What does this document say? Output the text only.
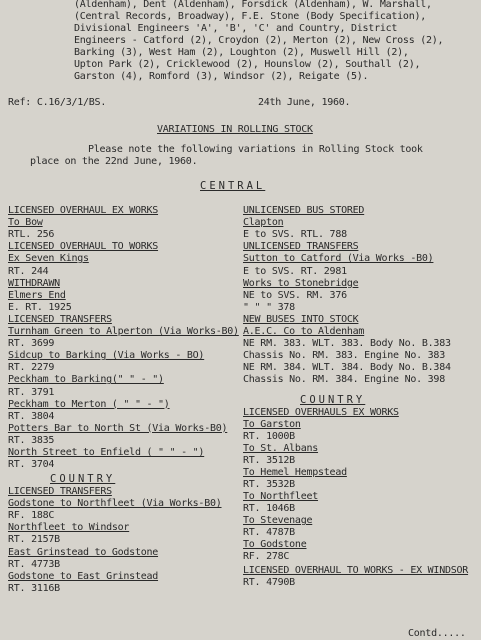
(Aldenham), Dent (Aldenham), Forsdick (Aldenham), W. Marshall,
(Central Records, Broadway), F.E. Stone (Body Specification),
Divisional Engineers 'A', 'B', 'C' and Country, District
Engineers - Catford (2), Croydon (2), Merton (2), New Cross (2),
Barking (3), West Ham (2), Loughton (2), Muswell Hill (2),
Upton Park (2), Cricklewood (2), Hounslow (2), Southall (2),
Garston (4), Romford (3), Windsor (2), Reigate (5).
Ref: C.16/3/1/BS.	24th June, 1960.
VARIATIONS IN ROLLING STOCK
Please note the following variations in Rolling Stock took
place on the 22nd June, 1960.
CENTRAL
LICENSED OVERHAUL EX WORKS
To Bow
RTL. 256
LICENSED OVERHAUL TO WORKS
Ex Seven Kings
RT. 244
WITHDRAWN
Elmers End
E. RT. 1925
LICENSED TRANSFERS
Turnham Green to Alperton (Via Works-B0)
RT. 3699
Sidcup to Barking (Via Works - BO)
RT. 2279
Peckham to Barking(" " - ")
RT. 3791
Peckham to Merton ( " " - ")
RT. 3804
Potters Bar to North St (Via Works-B0)
RT. 3835
North Street to Enfield ( " " - ")
RT. 3704
COUNTRY
LICENSED TRANSFERS
Godstone to Northfleet (Via Works-B0)
RF. 188C
Northfleet to Windsor
RT. 2157B
East Grinstead to Godstone
RT. 4773B
Godstone to East Grinstead
RT. 3116B
UNLICENSED BUS STORED
Clapton
E to SVS. RTL. 788
UNLICENSED TRANSFERS
Sutton to Catford (Via Works -B0)
E to SVS. RT. 2981
Works to Stonebridge
NE to SVS. RM. 376
" " " 378
NEW BUSES INTO STOCK
A.E.C. Co to Aldenham
NE RM. 383. WLT. 383. Body No. B.383
Chassis No. RM. 383. Engine No. 383
NE RM. 384. WLT. 384. Body No. B.384
Chassis No. RM. 384. Engine No. 398
COUNTRY
LICENSED OVERHAULS EX WORKS
To Garston
RT. 1000B
To St. Albans
RT. 3512B
To Hemel Hempstead
RT. 3532B
To Northfleet
RT. 1046B
To Stevenage
RT. 4787B
To Godstone
RF. 278C
LICENSED OVERHAUL TO WORKS - EX WINDSOR
RT. 4790B
Contd.....
